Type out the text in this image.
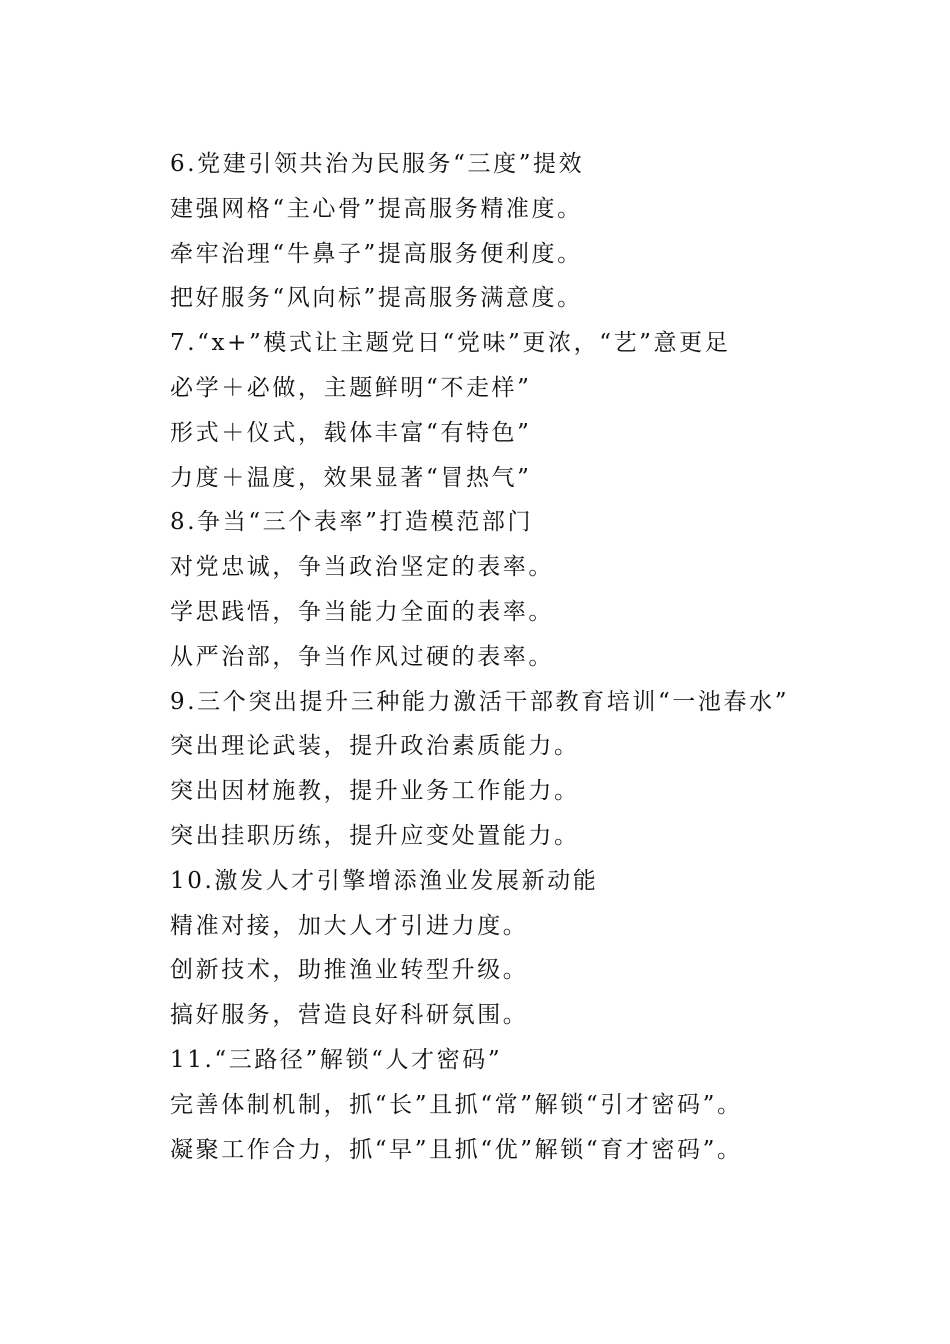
6.党建引领共治为民服务“三度”提效
建强网格“主心骨”提高服务精准度。
牵牢治理“牛鼻子”提高服务便利度。
把好服务“风向标”提高服务满意度。
7.“x+”模式让主题党日“党味”更浓，“艺”意更足
必学＋必做，主题鲜明“不走样”
形式＋仪式，载体丰富“有特色”
力度＋温度，效果显著“冒热气”
8.争当“三个表率”打造模范部门
对党忠诚，争当政治坚定的表率。
学思践悟，争当能力全面的表率。
从严治部，争当作风过硬的表率。
9.三个突出提升三种能力激活干部教育培训“一池春水”
突出理论武装，提升政治素质能力。
突出因材施教，提升业务工作能力。
突出挂职历练，提升应变处置能力。
10.激发人才引擎增添渔业发展新动能
精准对接，加大人才引进力度。
创新技术，助推渔业转型升级。
搞好服务，营造良好科研氛围。
11.“三路径”解锁“人才密码”
完善体制机制，抓“长”且抓“常”解锁“引才密码”。
凝聚工作合力，抓“早”且抓“优”解锁“育才密码”。
